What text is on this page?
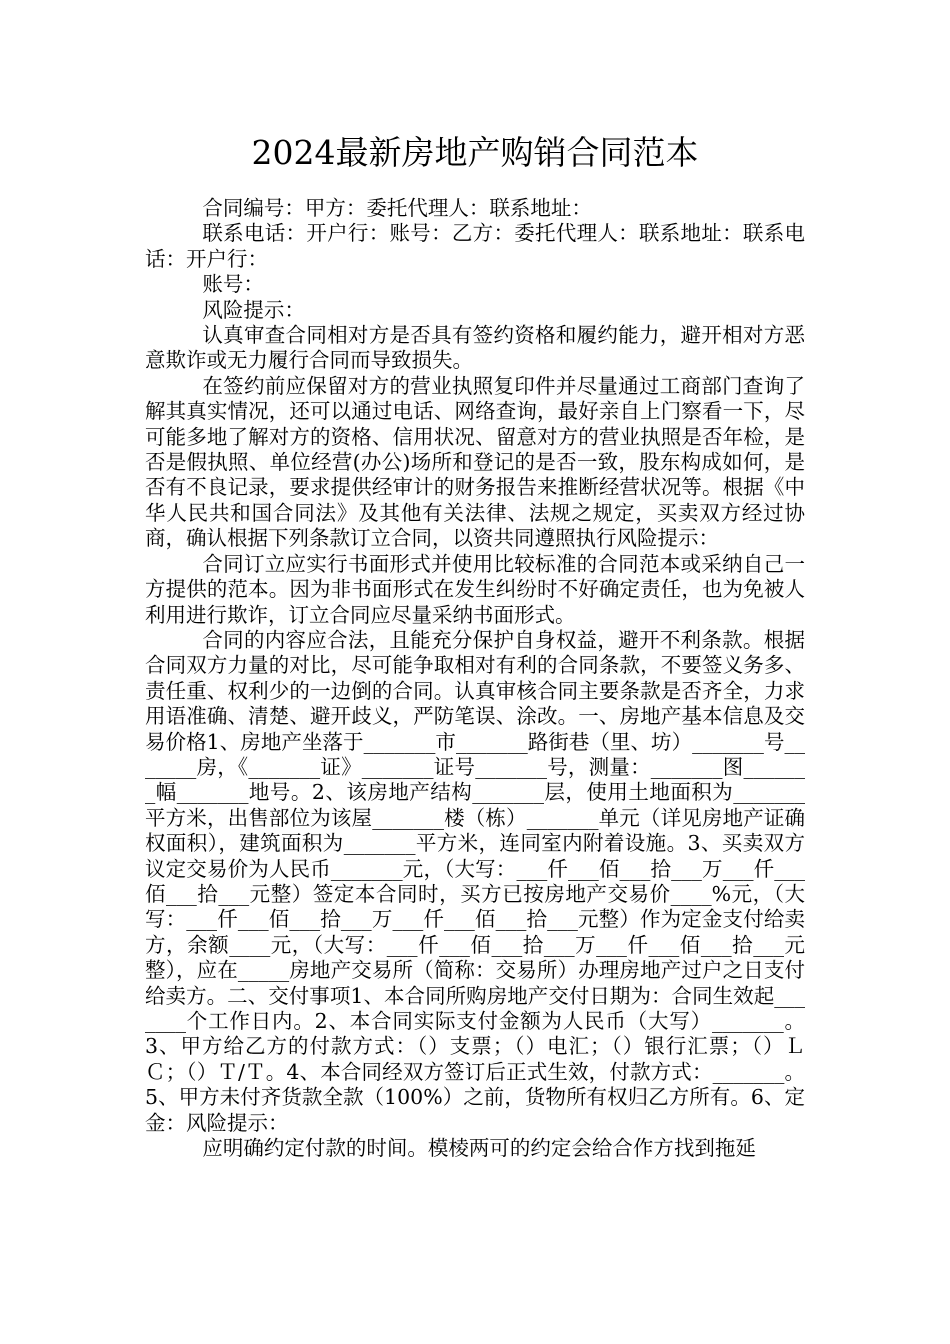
2024最新房地产购销合同范本

合同编号：甲方：委托代理人：联系地址：

联系电话：开户行：账号：乙方：委托代理人：联系地址：联系电话：开户行：

账号：

风险提示：

认真审查合同相对方是否具有签约资格和履约能力，避开相对方恶意欺诈或无力履行合同而导致损失。

在签约前应保留对方的营业执照复印件并尽量通过工商部门查询了解其真实情况，还可以通过电话、网络查询，最好亲自上门察看一下，尽可能多地了解对方的资格、信用状况、留意对方的营业执照是否年检，是否是假执照、单位经营(办公)场所和登记的是否一致，股东构成如何，是否有不良记录，要求提供经审计的财务报告来推断经营状况等。根据《中华人民共和国合同法》及其他有关法律、法规之规定，买卖双方经过协商，确认根据下列条款订立合同，以资共同遵照执行风险提示：

合同订立应实行书面形式并使用比较标准的合同范本或采纳自己一方提供的范本。因为非书面形式在发生纠纷时不好确定责任，也为免被人利用进行欺诈，订立合同应尽量采纳书面形式。

合同的内容应合法，且能充分保护自身权益，避开不利条款。根据合同双方力量的对比，尽可能争取相对有利的合同条款，不要签义务多、责任重、权利少的一边倒的合同。认真审核合同主要条款是否齐全，力求用语准确、清楚、避开歧义，严防笔误、涂改。一、房地产基本信息及交易价格1、房地产坐落于_______市_______路街巷（里、坊）_______号_______房，《_______证》_______证号_______号，测量：_______图_______幅_______地号。2、该房地产结构_______层，使用土地面积为_______平方米，出售部位为该屋_______楼（栋）_______单元（详见房地产证确权面积），建筑面积为_______平方米，连同室内附着设施。3、买卖双方议定交易价为人民币_______元，（大写：___仟___佰___拾___万___仟___佰___拾___元整）签定本合同时，买方已按房地产交易价____%元，（大写：___仟___佰___拾___万___仟___佰___拾___元整）作为定金支付给卖方，余额____元，（大写：___仟___佰___拾___万___仟___佰___拾___元整），应在_____房地产交易所（简称：交易所）办理房地产过户之日支付给卖方。二、交付事项1、本合同所购房地产交付日期为：合同生效起_______个工作日内。2、本合同实际支付金额为人民币（大写）_______。3、甲方给乙方的付款方式：（）支票；（）电汇；（）银行汇票；（）ＬＣ；（）Ｔ/Ｔ。4、本合同经双方签订后正式生效，付款方式：_______。5、甲方未付齐货款全款（100%）之前，货物所有权归乙方所有。6、定金：风险提示：

应明确约定付款的时间。模棱两可的约定会给合作方找到拖延
